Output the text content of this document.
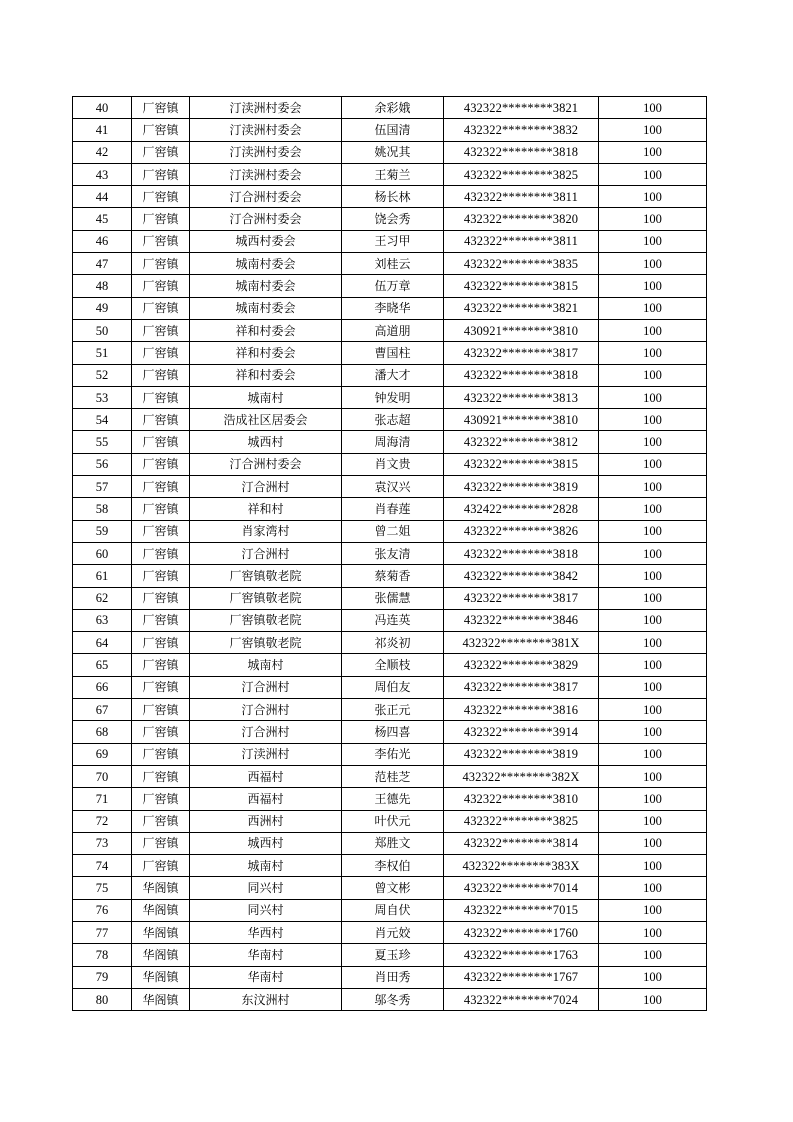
40	厂窖镇	汀渎洲村委会	余彩娥	432322********3821	100
41	厂窖镇	汀渎洲村委会	伍国清	432322********3832	100
42	厂窖镇	汀渎洲村委会	姚况其	432322********3818	100
43	厂窖镇	汀渎洲村委会	王菊兰	432322********3825	100
44	厂窖镇	汀合洲村委会	杨长林	432322********3811	100
45	厂窖镇	汀合洲村委会	饶会秀	432322********3820	100
46	厂窖镇	城西村委会	王习甲	432322********3811	100
47	厂窖镇	城南村委会	刘桂云	432322********3835	100
48	厂窖镇	城南村委会	伍万章	432322********3815	100
49	厂窖镇	城南村委会	李晓华	432322********3821	100
50	厂窖镇	祥和村委会	高道朋	430921********3810	100
51	厂窖镇	祥和村委会	曹国柱	432322********3817	100
52	厂窖镇	祥和村委会	潘大才	432322********3818	100
53	厂窖镇	城南村	钟发明	432322********3813	100
54	厂窖镇	浩成社区居委会	张志超	430921********3810	100
55	厂窖镇	城西村	周海清	432322********3812	100
56	厂窖镇	汀合洲村委会	肖文贵	432322********3815	100
57	厂窖镇	汀合洲村	袁汉兴	432322********3819	100
58	厂窖镇	祥和村	肖春莲	432422********2828	100
59	厂窖镇	肖家湾村	曾二姐	432322********3826	100
60	厂窖镇	汀合洲村	张友清	432322********3818	100
61	厂窖镇	厂窖镇敬老院	蔡菊香	432322********3842	100
62	厂窖镇	厂窖镇敬老院	张儒慧	432322********3817	100
63	厂窖镇	厂窖镇敬老院	冯连英	432322********3846	100
64	厂窖镇	厂窖镇敬老院	祁炎初	432322********381X	100
65	厂窖镇	城南村	全顺枝	432322********3829	100
66	厂窖镇	汀合洲村	周伯友	432322********3817	100
67	厂窖镇	汀合洲村	张正元	432322********3816	100
68	厂窖镇	汀合洲村	杨四喜	432322********3914	100
69	厂窖镇	汀渎洲村	李佑光	432322********3819	100
70	厂窖镇	西福村	范桂芝	432322********382X	100
71	厂窖镇	西福村	王德先	432322********3810	100
72	厂窖镇	西洲村	叶伏元	432322********3825	100
73	厂窖镇	城西村	郑胜文	432322********3814	100
74	厂窖镇	城南村	李权伯	432322********383X	100
75	华阁镇	同兴村	曾文彬	432322********7014	100
76	华阁镇	同兴村	周自伏	432322********7015	100
77	华阁镇	华西村	肖元姣	432322********1760	100
78	华阁镇	华南村	夏玉珍	432322********1763	100
79	华阁镇	华南村	肖田秀	432322********1767	100
80	华阁镇	东汶洲村	邬冬秀	432322********7024	100
